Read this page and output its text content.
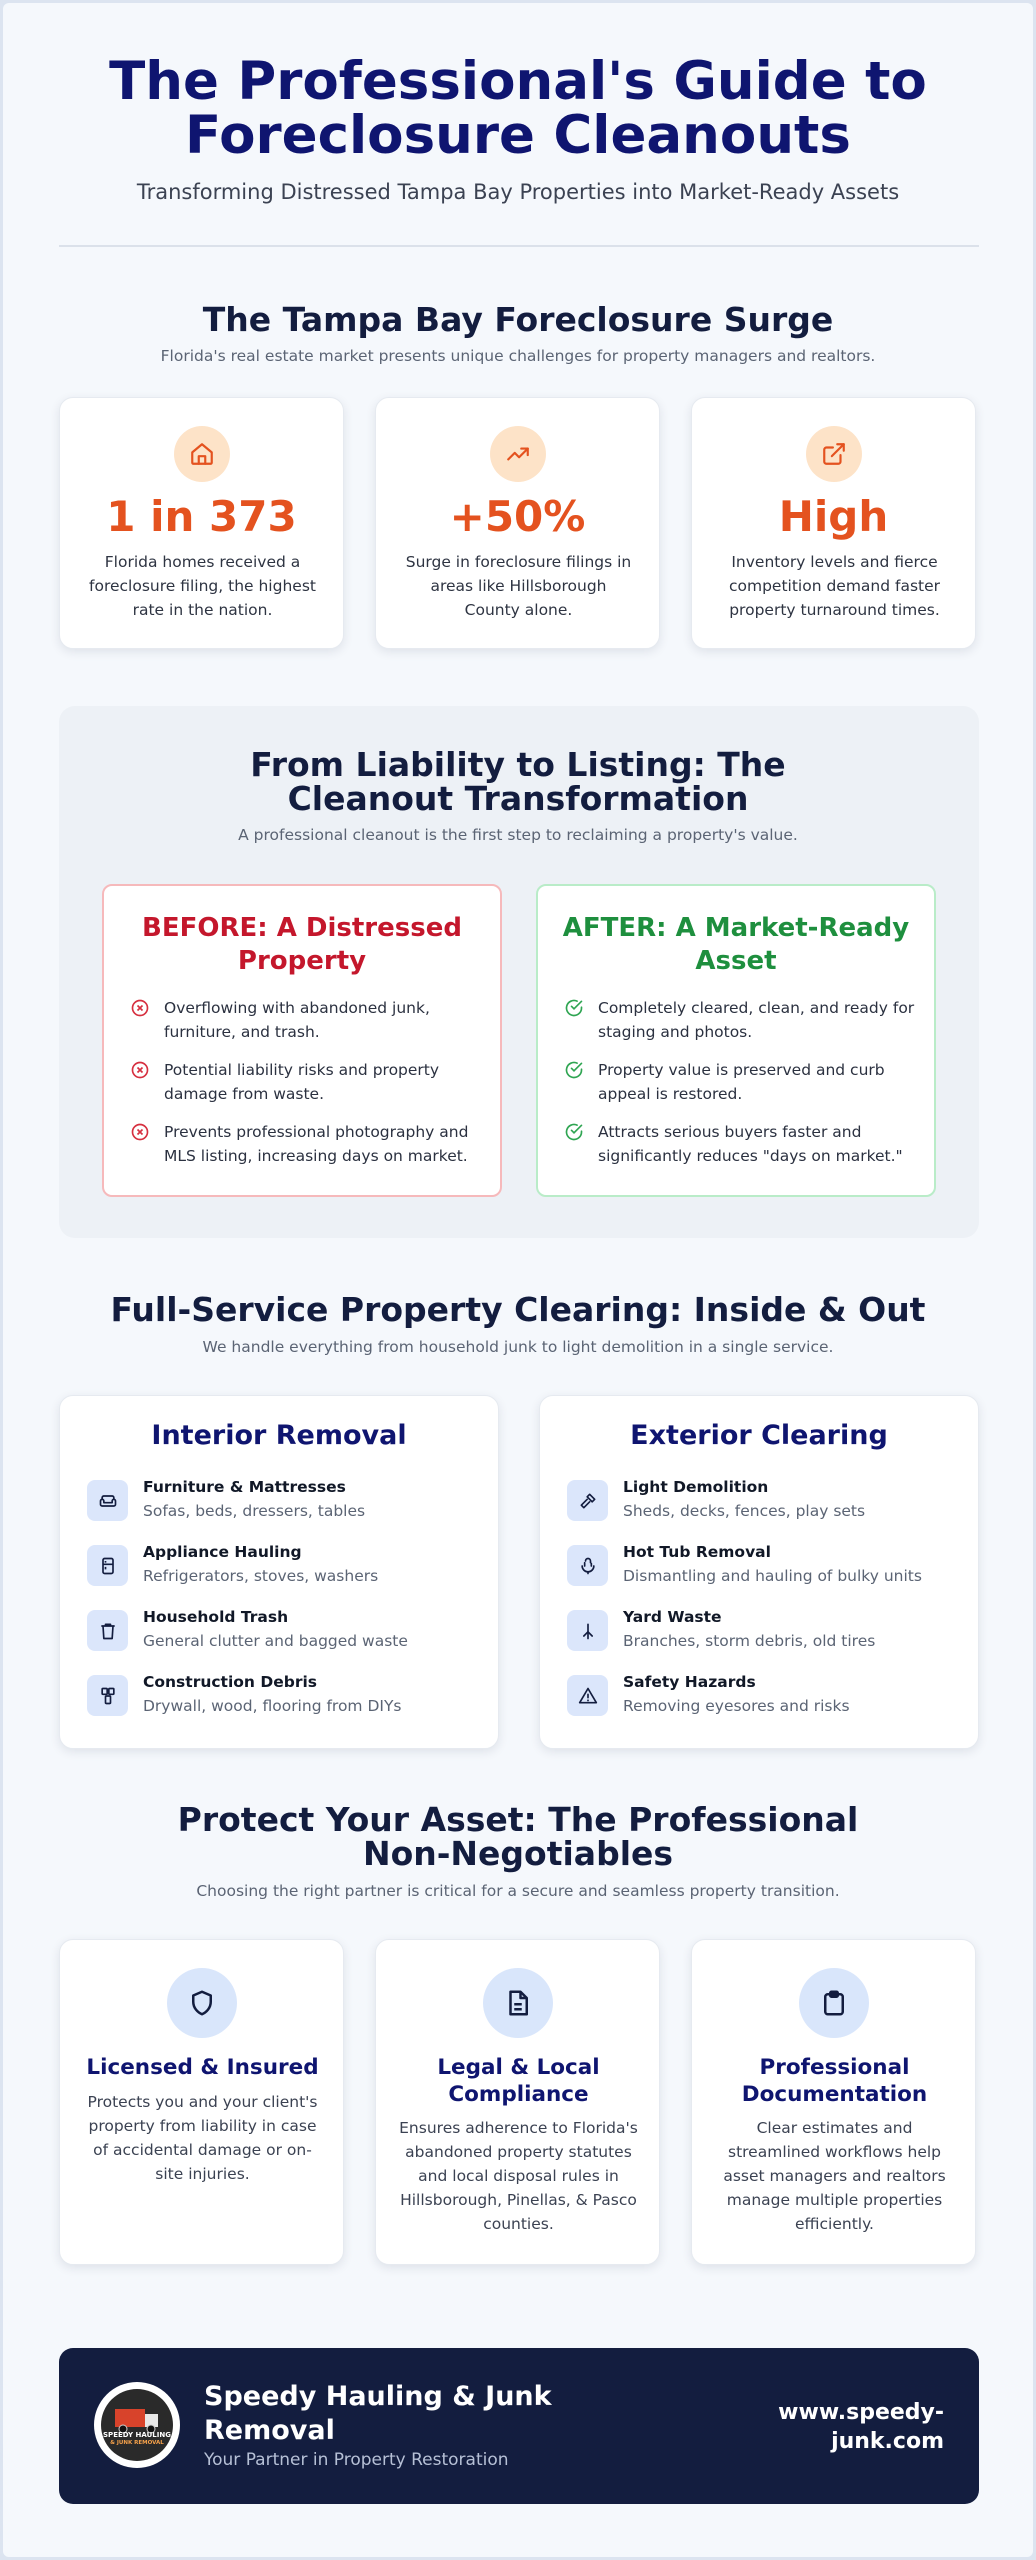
The Professional's Guide to Foreclosure Cleanouts
Transforming Distressed Tampa Bay Properties into Market-Ready Assets
The Tampa Bay Foreclosure Surge
Florida's real estate market presents unique challenges for property managers and realtors.
1 in 373
Florida homes received a foreclosure filing, the highest rate in the nation.
+50%
Surge in foreclosure filings in areas like Hillsborough County alone.
High
Inventory levels and fierce competition demand faster property turnaround times.
From Liability to Listing: The Cleanout Transformation
A professional cleanout is the first step to reclaiming a property's value.
BEFORE: A Distressed Property
Overflowing with abandoned junk, furniture, and trash.
Potential liability risks and property damage from waste.
Prevents professional photography and MLS listing, increasing days on market.
AFTER: A Market-Ready Asset
Completely cleared, clean, and ready for staging and photos.
Property value is preserved and curb appeal is restored.
Attracts serious buyers faster and significantly reduces "days on market."
Full-Service Property Clearing: Inside & Out
We handle everything from household junk to light demolition in a single service.
Interior Removal
Furniture & Mattresses
Sofas, beds, dressers, tables
Appliance Hauling
Refrigerators, stoves, washers
Household Trash
General clutter and bagged waste
Construction Debris
Drywall, wood, flooring from DIYs
Exterior Clearing
Light Demolition
Sheds, decks, fences, play sets
Hot Tub Removal
Dismantling and hauling of bulky units
Yard Waste
Branches, storm debris, old tires
Safety Hazards
Removing eyesores and risks
Protect Your Asset: The Professional Non-Negotiables
Choosing the right partner is critical for a secure and seamless property transition.
Licensed & Insured
Protects you and your client's property from liability in case of accidental damage or on-site injuries.
Legal & Local Compliance
Ensures adherence to Florida's abandoned property statutes and local disposal rules in Hillsborough, Pinellas, & Pasco counties.
Professional Documentation
Clear estimates and streamlined workflows help asset managers and realtors manage multiple properties efficiently.
SPEEDY HAULING
& JUNK REMOVAL
Speedy Hauling & Junk Removal
Your Partner in Property Restoration
www.speedy-junk.com
